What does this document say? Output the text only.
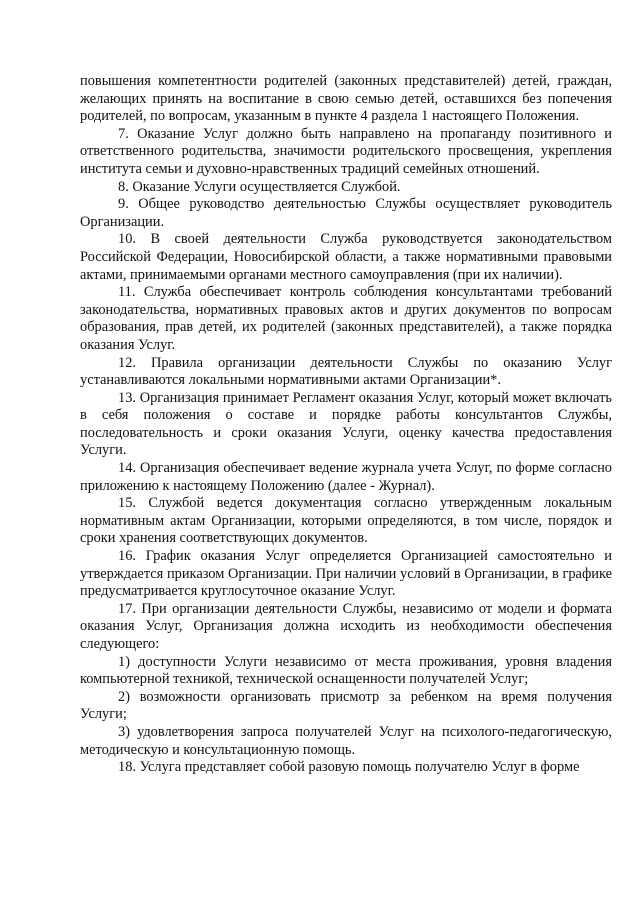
повышения компетентности родителей (законных представителей) детей, граждан, желающих принять на воспитание в свою семью детей, оставшихся без попечения родителей, по вопросам, указанным в пункте 4 раздела 1 настоящего Положения.

7. Оказание Услуг должно быть направлено на пропаганду позитивного и ответственного родительства, значимости родительского просвещения, укрепления института семьи и духовно-нравственных традиций семейных отношений.

8. Оказание Услуги осуществляется Службой.

9. Общее руководство деятельностью Службы осуществляет руководитель Организации.

10. В своей деятельности Служба руководствуется законодательством Российской Федерации, Новосибирской области, а также нормативными правовыми актами, принимаемыми органами местного самоуправления (при их наличии).

11. Служба обеспечивает контроль соблюдения консультантами требований законодательства, нормативных правовых актов и других документов по вопросам образования, прав детей, их родителей (законных представителей), а также порядка оказания Услуг.

12. Правила организации деятельности Службы по оказанию Услуг устанавливаются локальными нормативными актами Организации*.

13. Организация принимает Регламент оказания Услуг, который может включать в себя положения о составе и порядке работы консультантов Службы, последовательность и сроки оказания Услуги, оценку качества предоставления Услуги.

14. Организация обеспечивает ведение журнала учета Услуг, по форме согласно приложению к настоящему Положению (далее - Журнал).

15. Службой ведется документация согласно утвержденным локальным нормативным актам Организации, которыми определяются, в том числе, порядок и сроки хранения соответствующих документов.

16. График оказания Услуг определяется Организацией самостоятельно и утверждается приказом Организации. При наличии условий в Организации, в графике предусматривается круглосуточное оказание Услуг.

17. При организации деятельности Службы, независимо от модели и формата оказания Услуг, Организация должна исходить из необходимости обеспечения следующего:

1) доступности Услуги независимо от места проживания, уровня владения компьютерной техникой, технической оснащенности получателей Услуг;

2) возможности организовать присмотр за ребенком на время получения Услуги;

3) удовлетворения запроса получателей Услуг на психолого-педагогическую, методическую и консультационную помощь.

18. Услуга представляет собой разовую помощь получателю Услуг в форме
